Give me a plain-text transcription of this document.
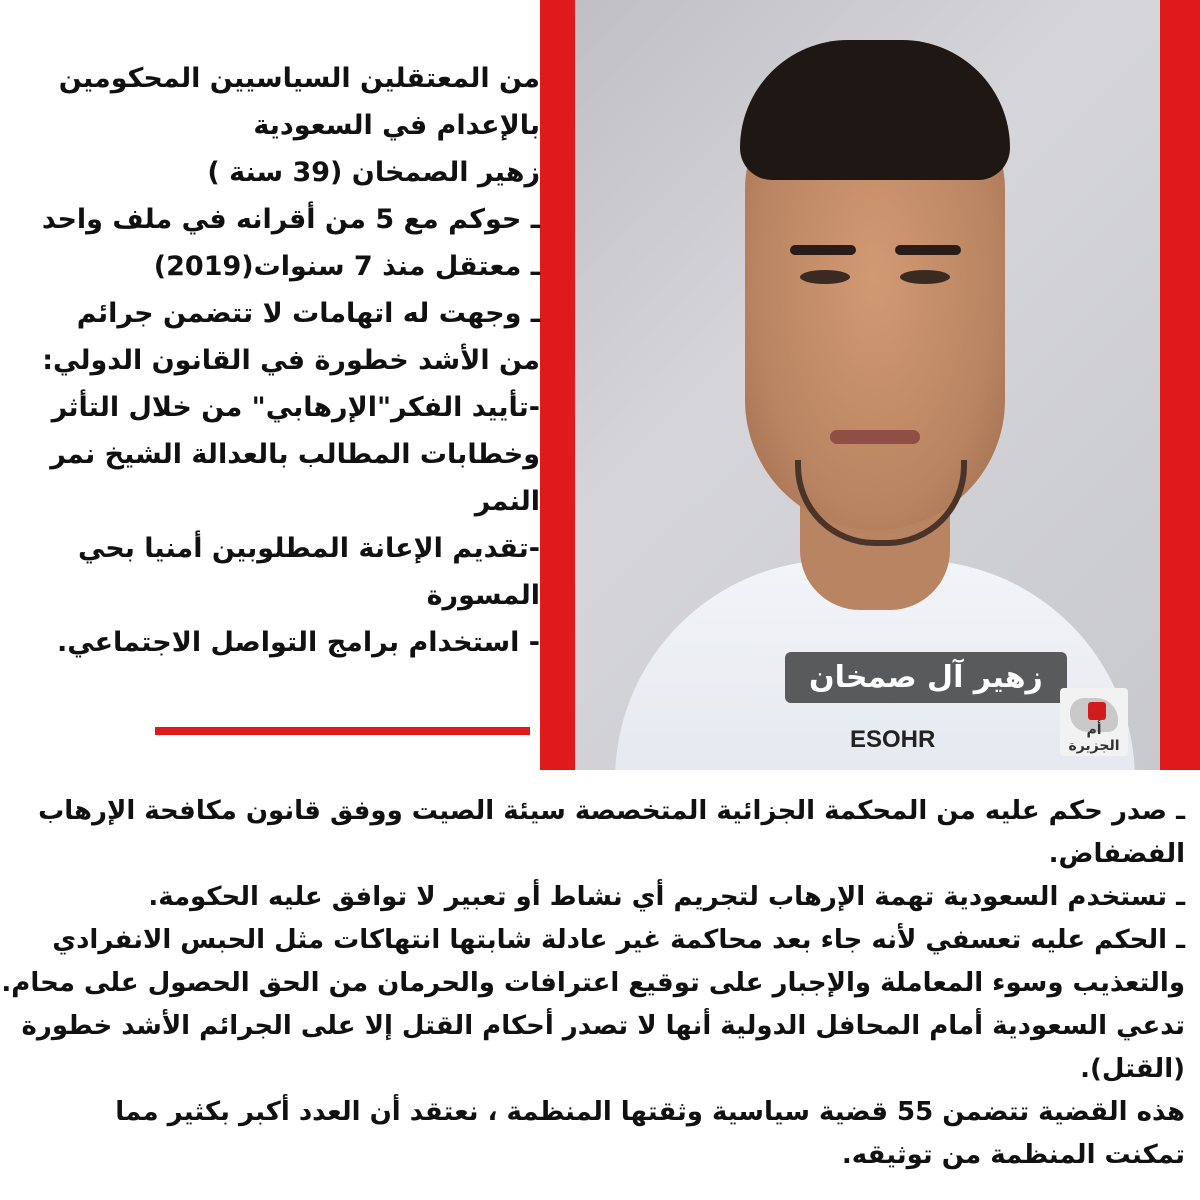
زهير آل صمخان
ESOHR	أم الجزيرة
من المعتقلين السياسيين المحكومين
بالإعدام في السعودية
زهير الصمخان (39 سنة )
ـ حوكم مع 5 من أقرانه في ملف واحد
ـ معتقل منذ 7 سنوات(2019)
ـ وجهت له اتهامات لا تتضمن جرائم
من الأشد خطورة في القانون الدولي:
-تأييد الفكر"الإرهابي" من خلال التأثر
وخطابات المطالب بالعدالة الشيخ نمر
النمر
-تقديم الإعانة المطلوبين أمنيا بحي
المسورة
- استخدام برامج التواصل الاجتماعي.
ـ صدر حكم عليه من المحكمة الجزائية المتخصصة سيئة الصيت ووفق قانون مكافحة الإرهاب
الفضفاض.
ـ تستخدم السعودية تهمة الإرهاب لتجريم أي نشاط أو تعبير لا توافق عليه الحكومة.
ـ الحكم عليه تعسفي لأنه جاء بعد محاكمة غير عادلة شابتها انتهاكات مثل الحبس الانفرادي
والتعذيب وسوء المعاملة والإجبار على توقيع اعترافات والحرمان من الحق الحصول على محام.
تدعي السعودية أمام المحافل الدولية أنها لا تصدر أحكام القتل إلا على الجرائم الأشد خطورة
(القتل).
هذه القضية تتضمن 55 قضية سياسية وثقتها المنظمة ، نعتقد أن العدد أكبر بكثير مما
تمكنت المنظمة من توثيقه.
